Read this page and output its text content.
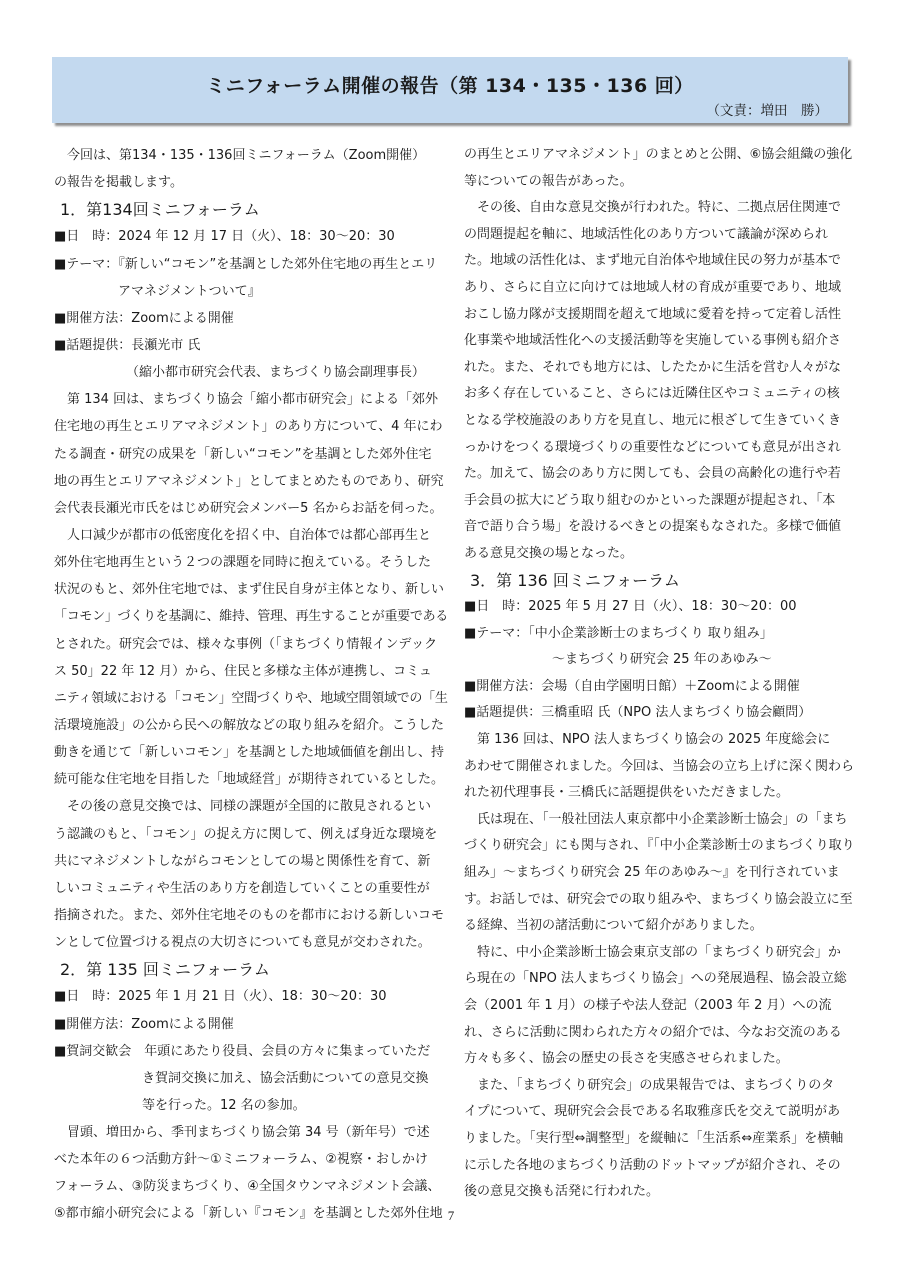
ミニフォーラム開催の報告（第 134・135・136 回）
（文責：増田　勝）
今回は、第134・135・136回ミニフォーラム（Zoom開催）
の報告を掲載します。
1．第134回ミニフォーラム
■日　時：2024 年 12 月 17 日（火）、18：30～20：30
■テーマ：『新しい“コモン”を基調とした郊外住宅地の再生とエリ
アマネジメントついて』
■開催方法：Zoomによる開催
■話題提供：長瀬光市 氏
（縮小都市研究会代表、まちづくり協会副理事長）
第 134 回は、まちづくり協会「縮小都市研究会」による「郊外
住宅地の再生とエリアマネジメント」のあり方について、4 年にわ
たる調査・研究の成果を「新しい“コモン”を基調とした郊外住宅
地の再生とエリアマネジメント」としてまとめたものであり、研究
会代表長瀬光市氏をはじめ研究会メンバー5 名からお話を伺った。
人口減少が都市の低密度化を招く中、自治体では都心部再生と
郊外住宅地再生という２つの課題を同時に抱えている。そうした
状況のもと、郊外住宅地では、まず住民自身が主体となり、新しい
「コモン」づくりを基調に、維持、管理、再生することが重要である
とされた。研究会では、様々な事例（「まちづくり情報インデック
ス 50」22 年 12 月）から、住民と多様な主体が連携し、コミュ
ニティ領域における「コモン」空間づくりや、地域空間領域での「生
活環境施設」の公から民への解放などの取り組みを紹介。こうした
動きを通じて「新しいコモン」を基調とした地域価値を創出し、持
続可能な住宅地を目指した「地域経営」が期待されているとした。
その後の意見交換では、同様の課題が全国的に散見されるとい
う認識のもと、「コモン」の捉え方に関して、例えば身近な環境を
共にマネジメントしながらコモンとしての場と関係性を育て、新
しいコミュニティや生活のあり方を創造していくことの重要性が
指摘された。また、郊外住宅地そのものを都市における新しいコモ
ンとして位置づける視点の大切さについても意見が交わされた。
2．第 135 回ミニフォーラム
■日　時：2025 年 1 月 21 日（火）、18：30～20：30
■開催方法：Zoomによる開催
■賀詞交歓会　年頭にあたり役員、会員の方々に集まっていただ
き賀詞交換に加え、協会活動についての意見交換
等を行った。12 名の参加。
冒頭、増田から、季刊まちづくり協会第 34 号（新年号）で述
べた本年の６つ活動方針～①ミニフォーラム、②視察・おしかけ
フォーラム、③防災まちづくり、④全国タウンマネジメント会議、
⑤都市縮小研究会による「新しい『コモン』を基調とした郊外住地
の再生とエリアマネジメント」のまとめと公開、⑥協会組織の強化
等についての報告があった。
その後、自由な意見交換が行われた。特に、二拠点居住関連で
の問題提起を軸に、地域活性化のあり方ついて議論が深められ
た。地域の活性化は、まず地元自治体や地域住民の努力が基本で
あり、さらに自立に向けては地域人材の育成が重要であり、地域
おこし協力隊が支援期間を超えて地域に愛着を持って定着し活性
化事業や地域活性化への支援活動等を実施している事例も紹介さ
れた。また、それでも地方には、したたかに生活を営む人々がな
お多く存在していること、さらには近隣住区やコミュニティの核
となる学校施設のあり方を見直し、地元に根ざして生きていくき
っかけをつくる環境づくりの重要性などについても意見が出され
た。加えて、協会のあり方に関しても、会員の高齢化の進行や若
手会員の拡大にどう取り組むのかといった課題が提起され、「本
音で語り合う場」を設けるべきとの提案もなされた。多様で価値
ある意見交換の場となった。
3．第 136 回ミニフォーラム
■日　時：2025 年 5 月 27 日（火）、18：30～20：00
■テーマ：「中小企業診断士のまちづくり 取り組み」
～まちづくり研究会 25 年のあゆみ～
■開催方法：会場（自由学園明日館）＋Zoomによる開催
■話題提供：三橋重昭 氏（NPO 法人まちづくり協会顧問）
第 136 回は、NPO 法人まちづくり協会の 2025 年度総会に
あわせて開催されました。今回は、当協会の立ち上げに深く関わら
れた初代理事長・三橋氏に話題提供をいただきました。
氏は現在、「一般社団法人東京都中小企業診断士協会」の「まち
づくり研究会」にも関与され、『「中小企業診断士のまちづくり取り
組み」～まちづくり研究会 25 年のあゆみ～』を刊行されていま
す。お話しでは、研究会での取り組みや、まちづくり協会設立に至
る経緯、当初の諸活動について紹介がありました。
特に、中小企業診断士協会東京支部の「まちづくり研究会」か
ら現在の「NPO 法人まちづくり協会」への発展過程、協会設立総
会（2001 年 1 月）の様子や法人登記（2003 年 2 月）への流
れ、さらに活動に関わられた方々の紹介では、今なお交流のある
方々も多く、協会の歴史の長さを実感させられました。
また、「まちづくり研究会」の成果報告では、まちづくりのタ
イプについて、現研究会会長である名取雅彦氏を交えて説明があ
りました。「実行型⇔調整型」を縦軸に「生活系⇔産業系」を横軸
に示した各地のまちづくり活動のドットマップが紹介され、その
後の意見交換も活発に行われた。
7
